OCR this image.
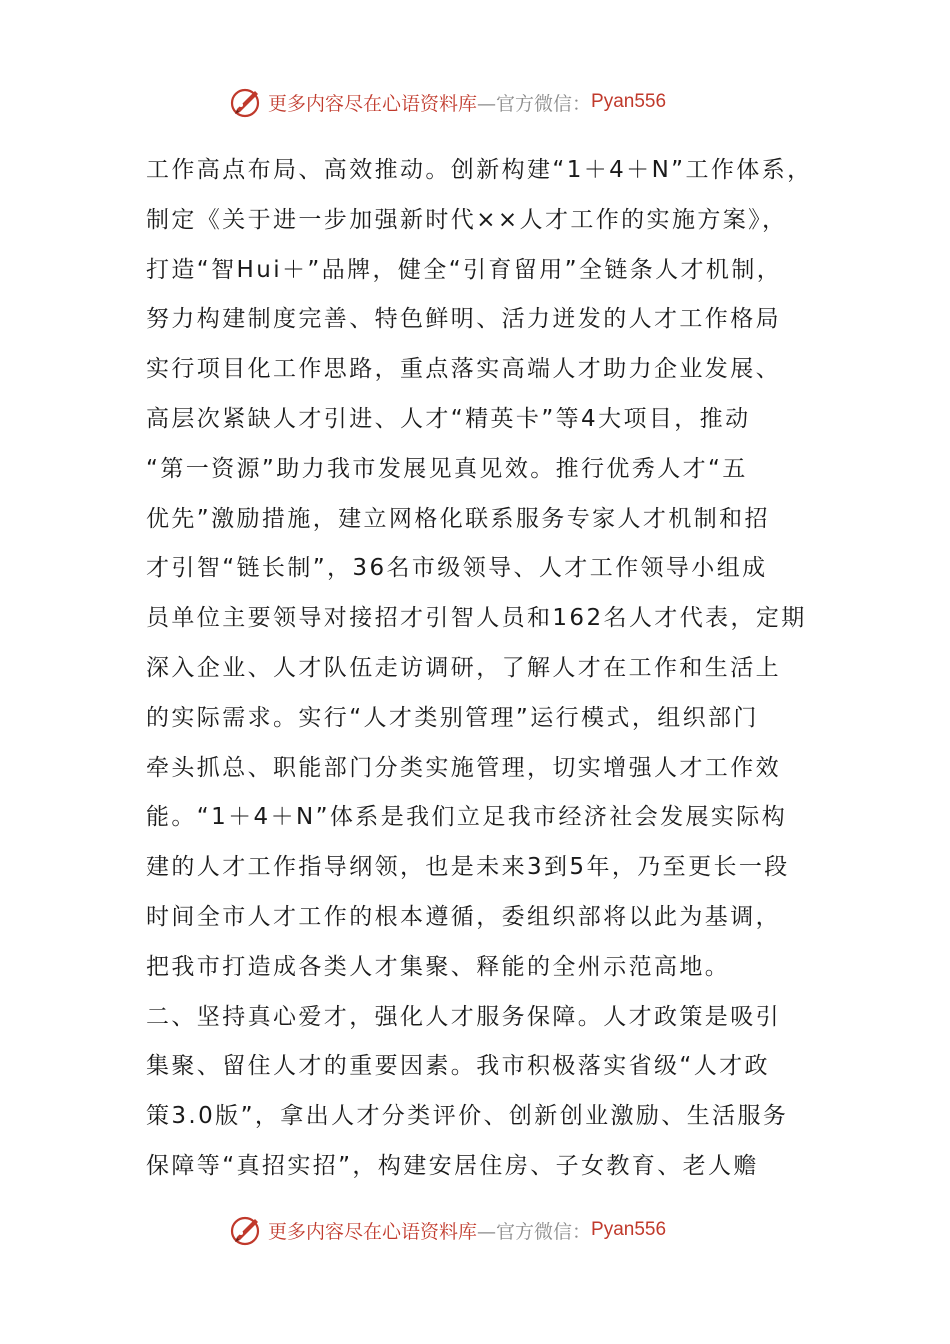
更多内容尽在心语资料库 —官方微信： Pyan556
工作高点布局、高效推动。创新构建“1＋4＋N”工作体系，
制定《关于进一步加强新时代××人才工作的实施方案》，
打造“智Hui＋”品牌，健全“引育留用”全链条人才机制，
努力构建制度完善、特色鲜明、活力迸发的人才工作格局
实行项目化工作思路，重点落实高端人才助力企业发展、
高层次紧缺人才引进、人才“精英卡”等4大项目，推动
“第一资源”助力我市发展见真见效。推行优秀人才“五
优先”激励措施，建立网格化联系服务专家人才机制和招
才引智“链长制”，36名市级领导、人才工作领导小组成
员单位主要领导对接招才引智人员和162名人才代表，定期
深入企业、人才队伍走访调研，了解人才在工作和生活上
的实际需求。实行“人才类别管理”运行模式，组织部门
牵头抓总、职能部门分类实施管理，切实增强人才工作效
能。“1＋4＋N”体系是我们立足我市经济社会发展实际构
建的人才工作指导纲领，也是未来3到5年，乃至更长一段
时间全市人才工作的根本遵循，委组织部将以此为基调，
把我市打造成各类人才集聚、释能的全州示范高地。
二、坚持真心爱才，强化人才服务保障。人才政策是吸引
集聚、留住人才的重要因素。我市积极落实省级“人才政
策3.0版”，拿出人才分类评价、创新创业激励、生活服务
保障等“真招实招”，构建安居住房、子女教育、老人赡
更多内容尽在心语资料库 —官方微信： Pyan556
